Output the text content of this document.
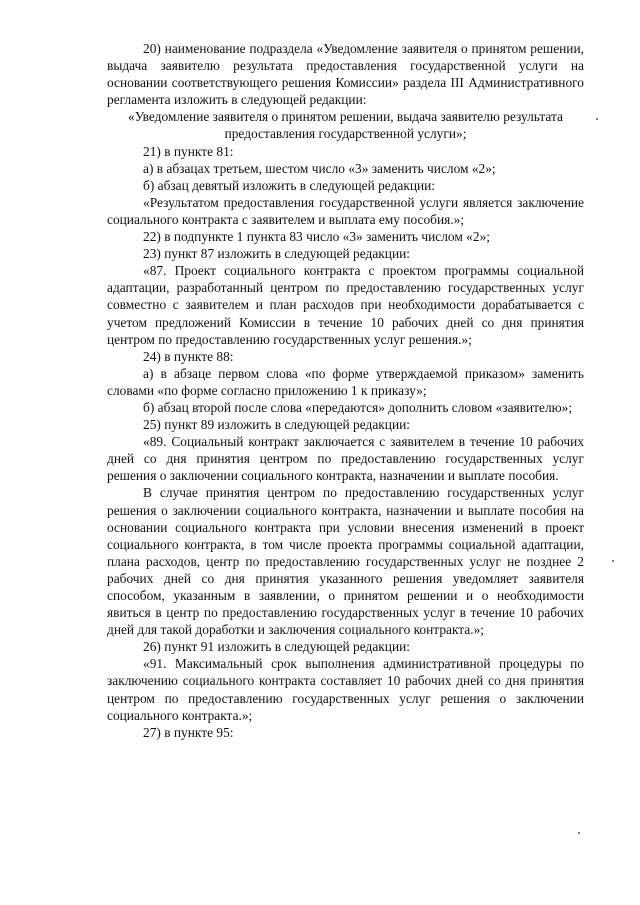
20) наименование подраздела «Уведомление заявителя о принятом решении, выдача заявителю результата предоставления государственной услуги на основании соответствующего решения Комиссии» раздела III Административного регламента изложить в следующей редакции:

«Уведомление заявителя о принятом решении, выдача заявителю результата предоставления государственной услуги»;

21) в пункте 81:

а) в абзацах третьем, шестом число «3» заменить числом «2»;

б) абзац девятый изложить в следующей редакции:

«Результатом предоставления государственной услуги является заключение социального контракта с заявителем и выплата ему пособия.»;

22) в подпункте 1 пункта 83 число «3» заменить числом «2»;

23) пункт 87 изложить в следующей редакции:

«87. Проект социального контракта с проектом программы социальной адаптации, разработанный центром по предоставлению государственных услуг совместно с заявителем и план расходов при необходимости дорабатывается с учетом предложений Комиссии в течение 10 рабочих дней со дня принятия центром по предоставлению государственных услуг решения.»;

24) в пункте 88:

а) в абзаце первом слова «по форме утверждаемой приказом» заменить словами «по форме согласно приложению 1 к приказу»;

б) абзац второй после слова «передаются» дополнить словом «заявителю»;

25) пункт 89 изложить в следующей редакции:

«89. Социальный контракт заключается с заявителем в течение 10 рабочих дней со дня принятия центром по предоставлению государственных услуг решения о заключении социального контракта, назначении и выплате пособия.

В случае принятия центром по предоставлению государственных услуг решения о заключении социального контракта, назначении и выплате пособия на основании социального контракта при условии внесения изменений в проект социального контракта, в том числе проекта программы социальной адаптации, плана расходов, центр по предоставлению государственных услуг не позднее 2 рабочих дней со дня принятия указанного решения уведомляет заявителя способом, указанным в заявлении, о принятом решении и о необходимости явиться в центр по предоставлению государственных услуг в течение 10 рабочих дней для такой доработки и заключения социального контракта.»;

26) пункт 91 изложить в следующей редакции:

«91. Максимальный срок выполнения административной процедуры по заключению социального контракта составляет 10 рабочих дней со дня принятия центром по предоставлению государственных услуг решения о заключении социального контракта.»;

27) в пункте 95:
